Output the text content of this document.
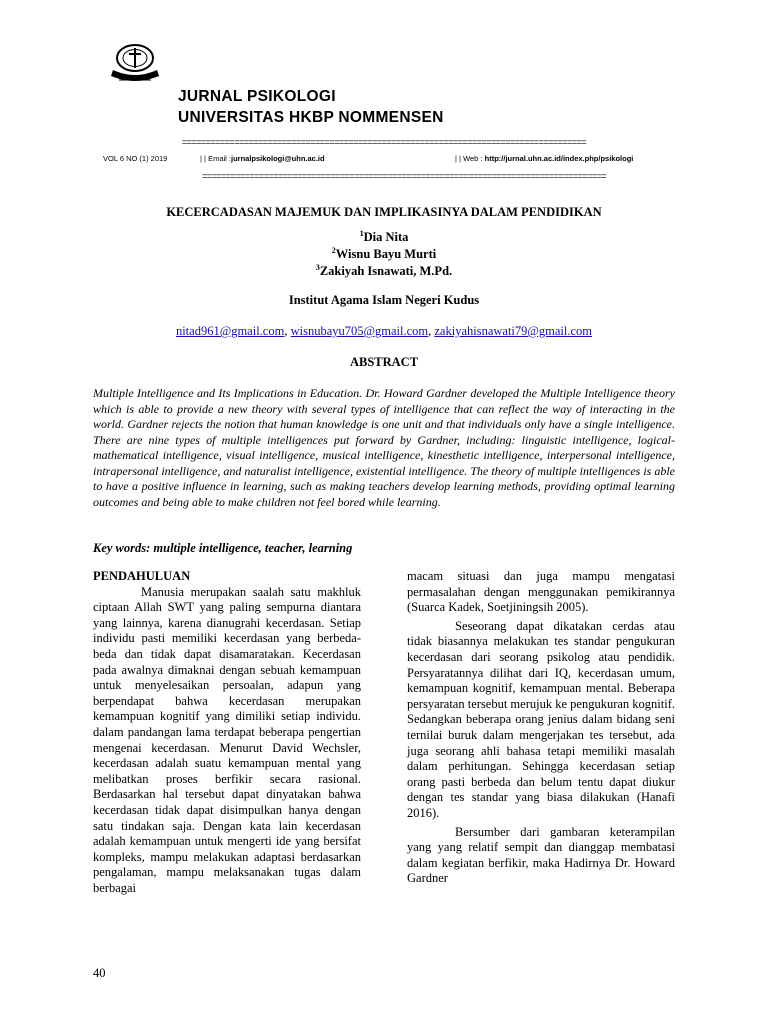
JURNAL PSIKOLOGI
UNIVERSITAS HKBP NOMMENSEN
=====================================================================================
VOL 6 NO (1) 2019	| | Email :jurnalpsikologi@uhn.ac.id	| | Web : http://jurnal.uhn.ac.id/index.php/psikologi
=====================================================================================
KECERCADASAN MAJEMUK DAN IMPLIKASINYA DALAM PENDIDIKAN
$^1$Dia Nita
$^2$Wisnu Bayu Murti
$^3$Zakiyah Isnawati, M.Pd.
Institut Agama Islam Negeri Kudus
nitad961@gmail.com, wisnubayu705@gmail.com, zakiyahisnawati79@gmail.com
ABSTRACT
Multiple Intelligence and Its Implications in Education. Dr. Howard Gardner developed the Multiple Intelligence theory which is able to provide a new theory with several types of intelligence that can reflect the way of interacting in the world. Gardner rejects the notion that human knowledge is one unit and that individuals only have a single intelligence. There are nine types of multiple intelligences put forward by Gardner, including: linguistic intelligence, logical-mathematical intelligence, visual intelligence, musical intelligence, kinesthetic intelligence, interpersonal intelligence, intrapersonal intelligence, and naturalist intelligence, existential intelligence. The theory of multiple intelligences is able to have a positive influence in learning, such as making teachers develop learning methods, providing optimal learning outcomes and being able to make children not feel bored while learning.
Key words: multiple intelligence, teacher, learning
PENDAHULUAN

Manusia merupakan saalah satu makhluk ciptaan Allah SWT yang paling sempurna diantara yang lainnya, karena dianugrahi kecerdasan. Setiap individu pasti memiliki kecerdasan yang berbeda-beda dan tidak dapat disamaratakan. Kecerdasan pada awalnya dimaknai dengan sebuah kemampuan untuk menyelesaikan persoalan, adapun yang berpendapat bahwa kecerdasan merupakan kemampuan kognitif yang dimiliki setiap individu. dalam pandangan lama terdapat beberapa pengertian mengenai kecerdasan. Menurut David Wechsler, kecerdasan adalah suatu kemampuan mental yang melibatkan proses berfikir secara rasional. Berdasarkan hal tersebut dapat dinyatakan bahwa kecerdasan tidak dapat disimpulkan hanya dengan satu tindakan saja. Dengan kata lain kecerdasan adalah kemampuan untuk mengerti ide yang bersifat kompleks, mampu melakukan adaptasi berdasarkan pengalaman, mampu melaksanakan tugas dalam berbagai

macam situasi dan juga mampu mengatasi permasalahan dengan menggunakan pemikirannya (Suarca Kadek, Soetjiningsih 2005).

Seseorang dapat dikatakan cerdas atau tidak biasannya melakukan tes standar pengukuran kecerdasan dari seorang psikolog atau pendidik. Persyaratannya dilihat dari IQ, kecerdasan umum, kemampuan kognitif, kemampuan mental. Beberapa persyaratan tersebut merujuk ke pengukuran kognitif. Sedangkan beberapa orang jenius dalam bidang seni ternilai buruk dalam mengerjakan tes tersebut, ada juga seorang ahli bahasa tetapi memiliki masalah dalam perhitungan. Sehingga kecerdasan setiap orang pasti berbeda dan belum tentu dapat diukur dengan tes standar yang biasa dilakukan (Hanafi 2016).

Bersumber dari gambaran keterampilan yang yang relatif sempit dan dianggap membatasi dalam kegiatan berfikir, maka Hadirnya Dr. Howard Gardner

40
